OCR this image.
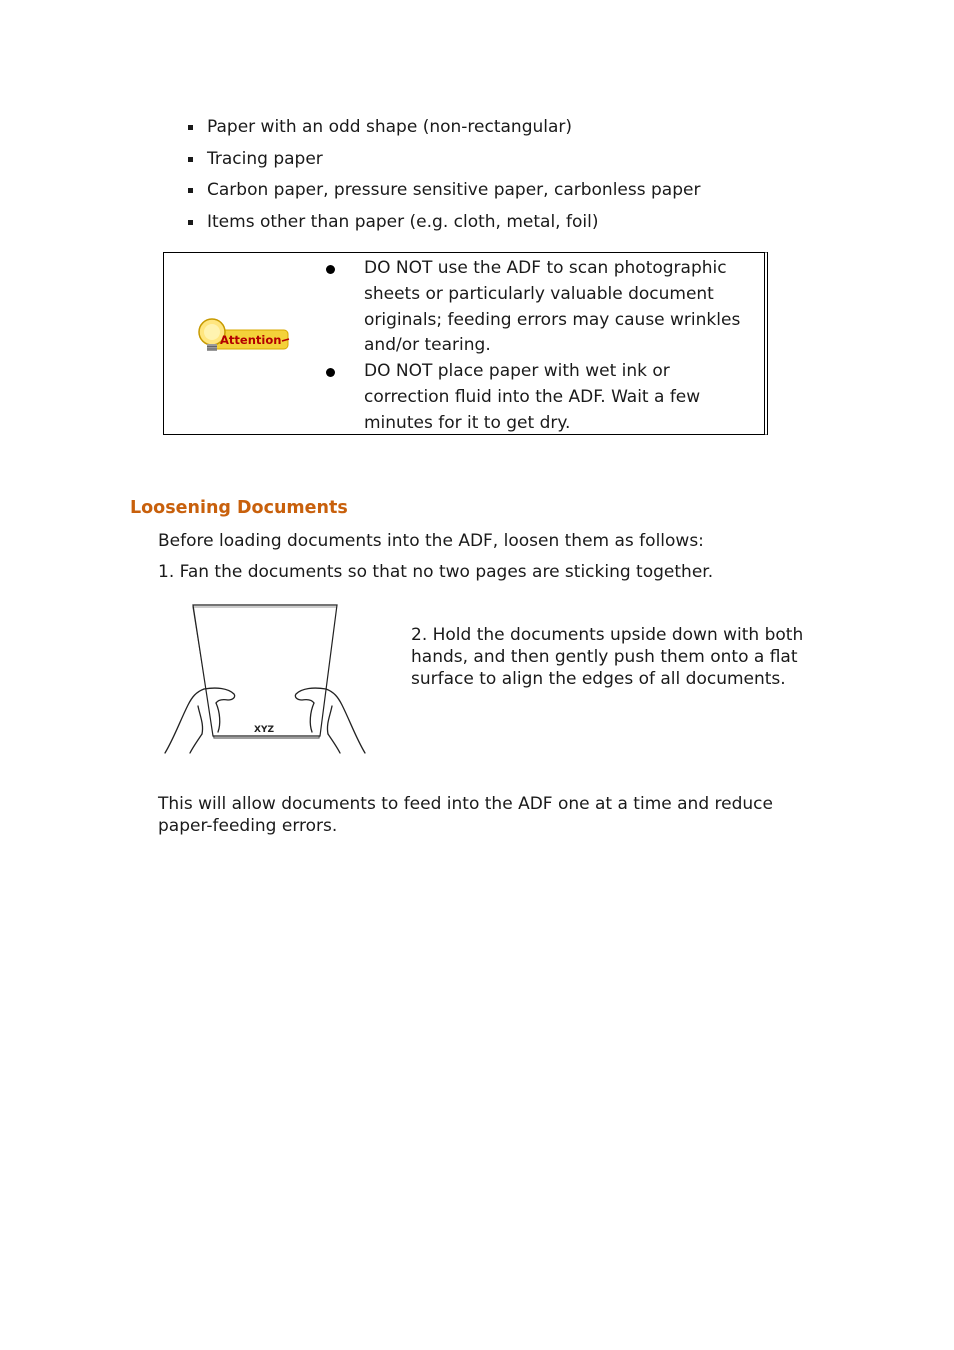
Paper with an odd shape (non-rectangular)
Tracing paper
Carbon paper, pressure sensitive paper, carbonless paper
Items other than paper (e.g. cloth, metal, foil)
Attention
DO NOT use the ADF to scan photographic sheets or particularly valuable document originals; feeding errors may cause wrinkles and/or tearing.
DO NOT place paper with wet ink or correction fluid into the ADF. Wait a few minutes for it to get dry.
Loosening Documents
Before loading documents into the ADF, loosen them as follows:
1. Fan the documents so that no two pages are sticking together.
XYZ
2. Hold the documents upside down with both hands, and then gently push them onto a flat surface to align the edges of all documents.
This will allow documents to feed into the ADF one at a time and reduce paper-feeding errors.
